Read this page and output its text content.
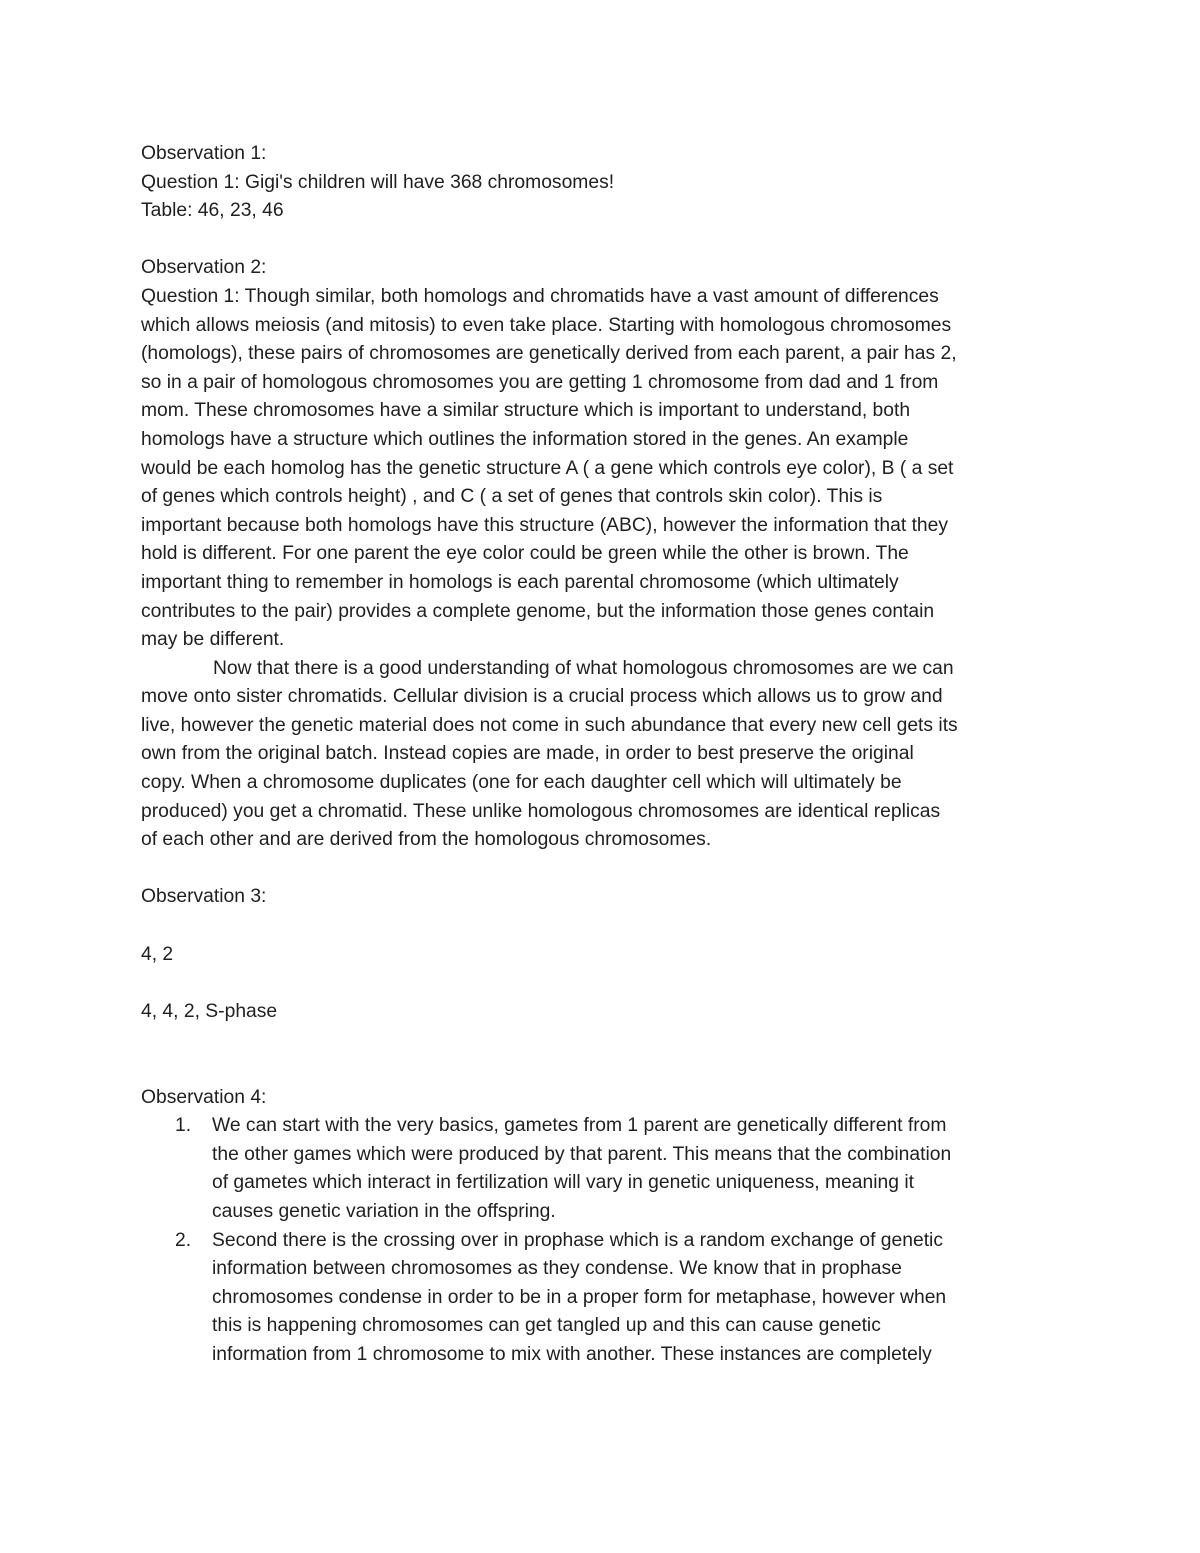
Observation 1:
Question 1: Gigi's children will have 368 chromosomes!
Table: 46, 23, 46
Observation 2:
Question 1: Though similar, both homologs and chromatids have a vast amount of differences
which allows meiosis (and mitosis) to even take place. Starting with homologous chromosomes
(homologs), these pairs of chromosomes are genetically derived from each parent, a pair has 2,
so in a pair of homologous chromosomes you are getting 1 chromosome from dad and 1 from
mom. These chromosomes have a similar structure which is important to understand, both
homologs have a structure which outlines the information stored in the genes. An example
would be each homolog has the genetic structure A ( a gene which controls eye color), B ( a set
of genes which controls height) , and C ( a set of genes that controls skin color). This is
important because both homologs have this structure (ABC), however the information that they
hold is different. For one parent the eye color could be green while the other is brown. The
important thing to remember in homologs is each parental chromosome (which ultimately
contributes to the pair) provides a complete genome, but the information those genes contain
may be different.
Now that there is a good understanding of what homologous chromosomes are we can
move onto sister chromatids. Cellular division is a crucial process which allows us to grow and
live, however the genetic material does not come in such abundance that every new cell gets its
own from the original batch. Instead copies are made, in order to best preserve the original
copy. When a chromosome duplicates (one for each daughter cell which will ultimately be
produced) you get a chromatid. These unlike homologous chromosomes are identical replicas
of each other and are derived from the homologous chromosomes.
Observation 3:
4, 2
4, 4, 2, S-phase
Observation 4:
1. We can start with the very basics, gametes from 1 parent are genetically different from
the other games which were produced by that parent. This means that the combination
of gametes which interact in fertilization will vary in genetic uniqueness, meaning it
causes genetic variation in the offspring.
2. Second there is the crossing over in prophase which is a random exchange of genetic
information between chromosomes as they condense. We know that in prophase
chromosomes condense in order to be in a proper form for metaphase, however when
this is happening chromosomes can get tangled up and this can cause genetic
information from 1 chromosome to mix with another. These instances are completely
